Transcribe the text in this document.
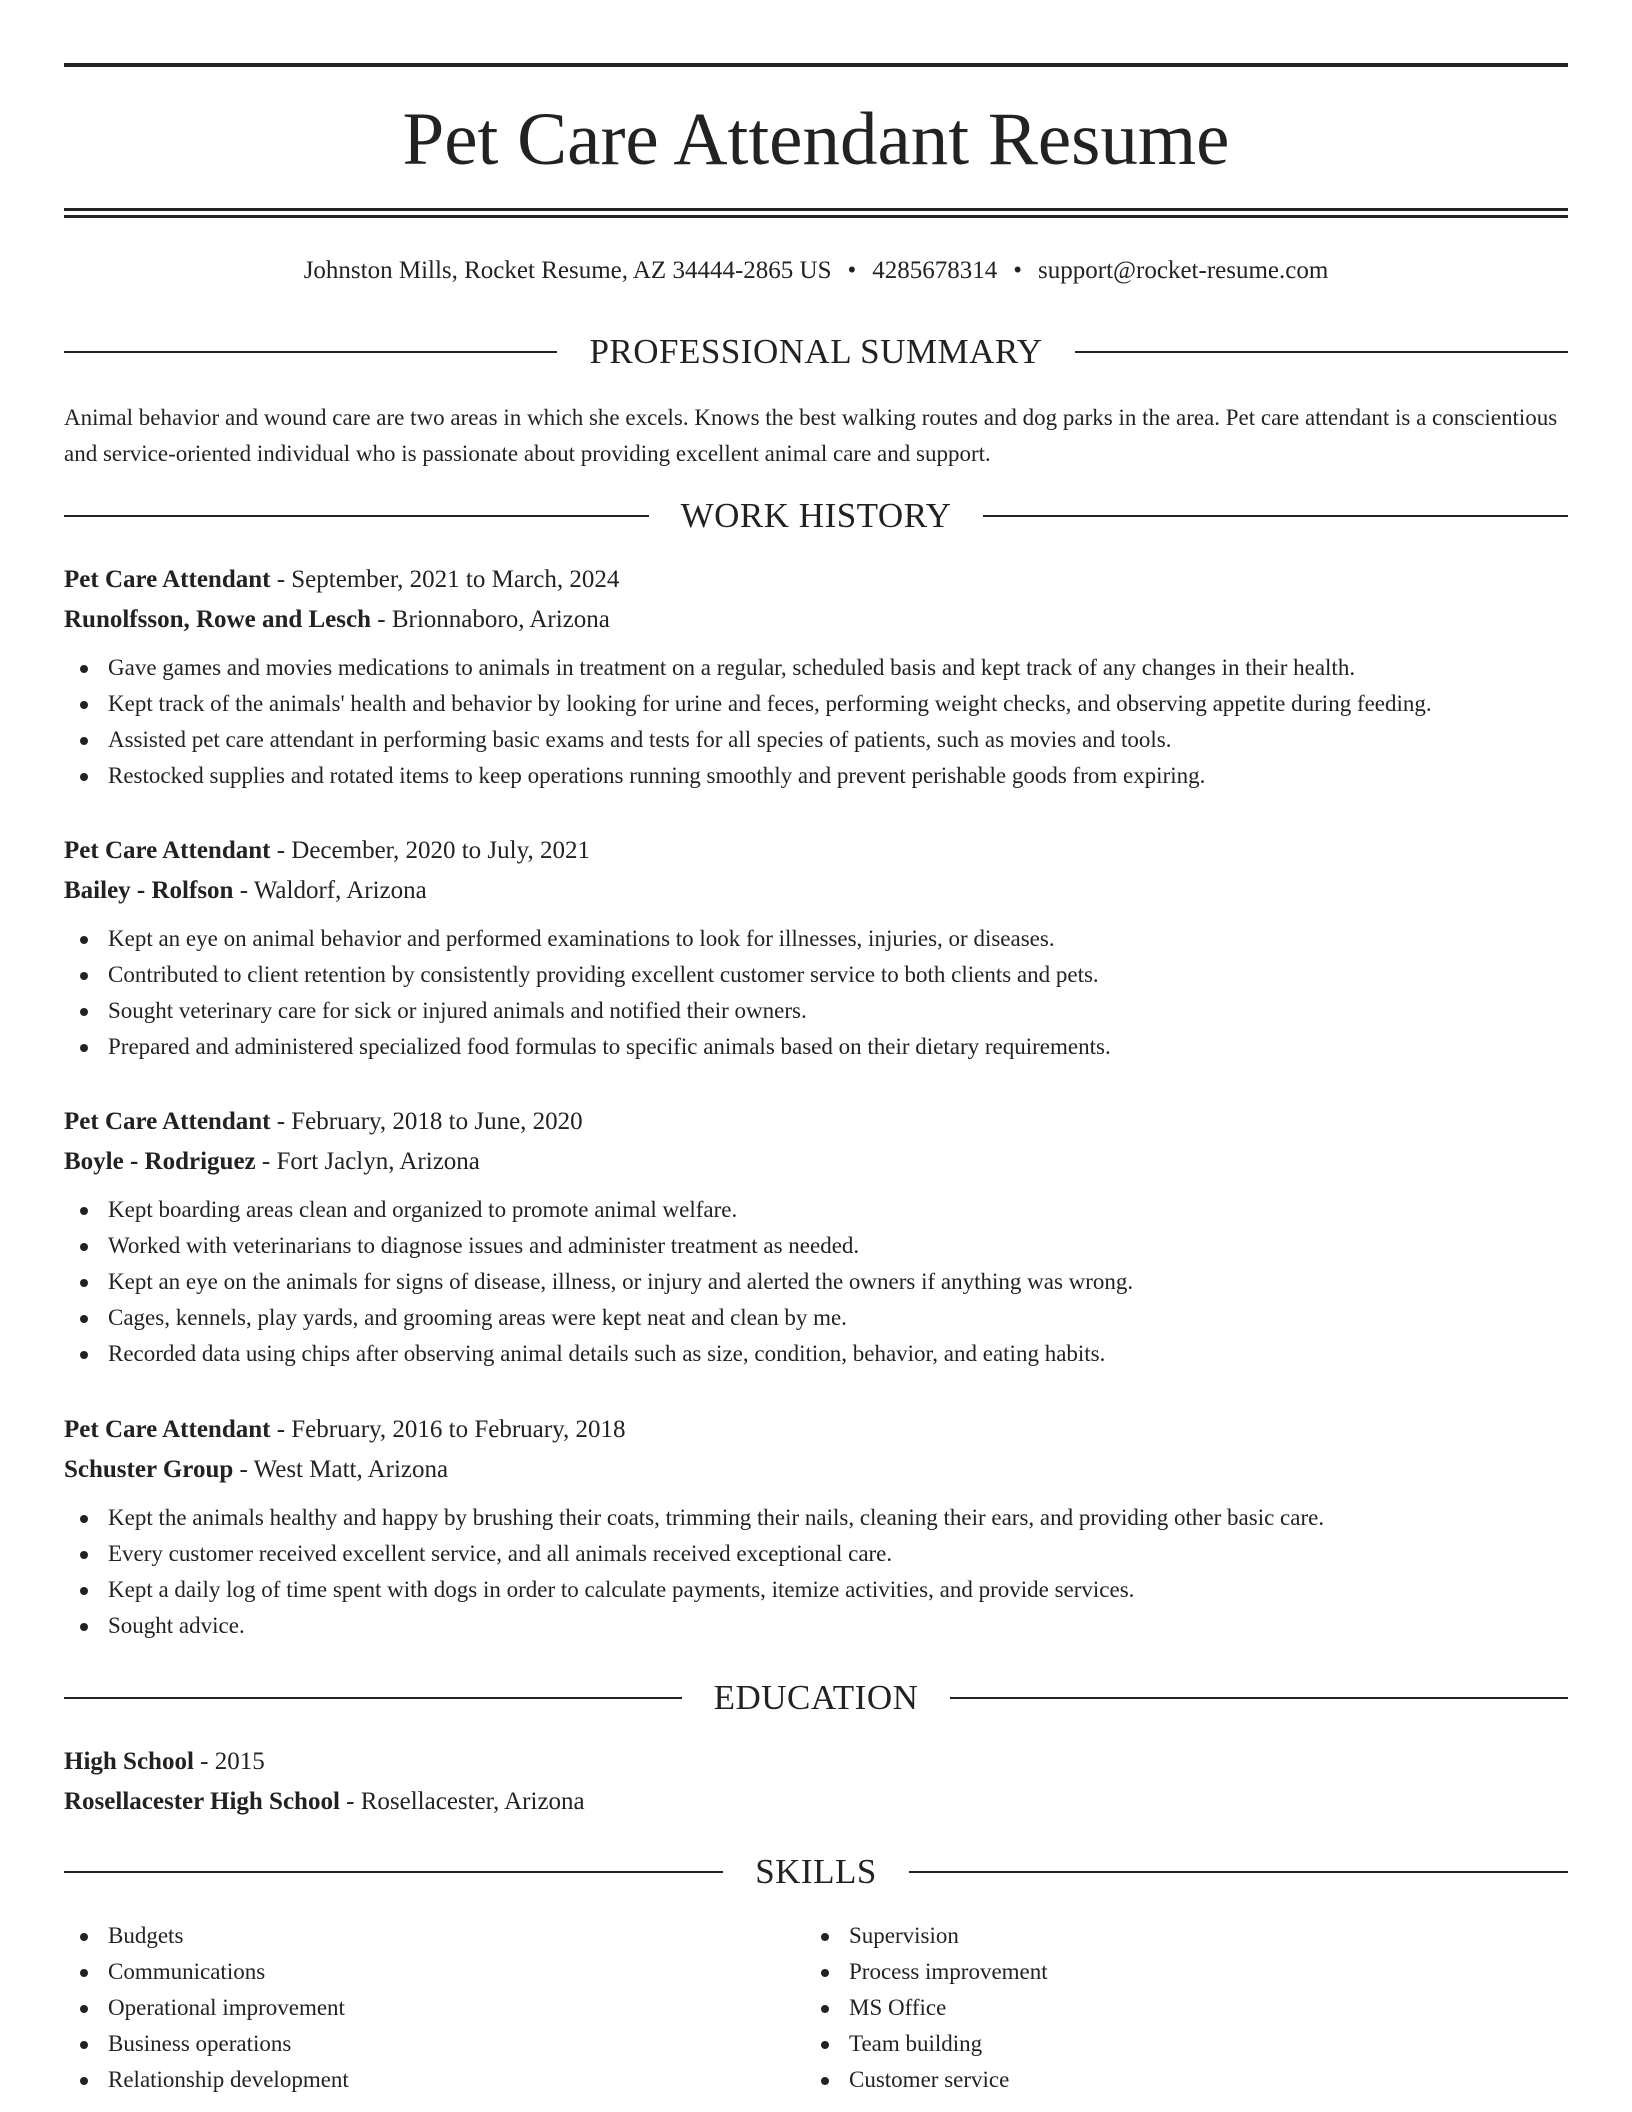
Pet Care Attendant Resume
Johnston Mills, Rocket Resume, AZ 34444-2865 US • 4285678314 • support@rocket-resume.com
PROFESSIONAL SUMMARY
Animal behavior and wound care are two areas in which she excels. Knows the best walking routes and dog parks in the area. Pet care attendant is a conscientious and service-oriented individual who is passionate about providing excellent animal care and support.
WORK HISTORY
Pet Care Attendant - September, 2021 to March, 2024
Runolfsson, Rowe and Lesch - Brionnaboro, Arizona
Gave games and movies medications to animals in treatment on a regular, scheduled basis and kept track of any changes in their health.
Kept track of the animals' health and behavior by looking for urine and feces, performing weight checks, and observing appetite during feeding.
Assisted pet care attendant in performing basic exams and tests for all species of patients, such as movies and tools.
Restocked supplies and rotated items to keep operations running smoothly and prevent perishable goods from expiring.
Pet Care Attendant - December, 2020 to July, 2021
Bailey - Rolfson - Waldorf, Arizona
Kept an eye on animal behavior and performed examinations to look for illnesses, injuries, or diseases.
Contributed to client retention by consistently providing excellent customer service to both clients and pets.
Sought veterinary care for sick or injured animals and notified their owners.
Prepared and administered specialized food formulas to specific animals based on their dietary requirements.
Pet Care Attendant - February, 2018 to June, 2020
Boyle - Rodriguez - Fort Jaclyn, Arizona
Kept boarding areas clean and organized to promote animal welfare.
Worked with veterinarians to diagnose issues and administer treatment as needed.
Kept an eye on the animals for signs of disease, illness, or injury and alerted the owners if anything was wrong.
Cages, kennels, play yards, and grooming areas were kept neat and clean by me.
Recorded data using chips after observing animal details such as size, condition, behavior, and eating habits.
Pet Care Attendant - February, 2016 to February, 2018
Schuster Group - West Matt, Arizona
Kept the animals healthy and happy by brushing their coats, trimming their nails, cleaning their ears, and providing other basic care.
Every customer received excellent service, and all animals received exceptional care.
Kept a daily log of time spent with dogs in order to calculate payments, itemize activities, and provide services.
Sought advice.
EDUCATION
High School - 2015
Rosellacester High School - Rosellacester, Arizona
SKILLS
Budgets
Communications
Operational improvement
Business operations
Relationship development
Supervision
Process improvement
MS Office
Team building
Customer service
